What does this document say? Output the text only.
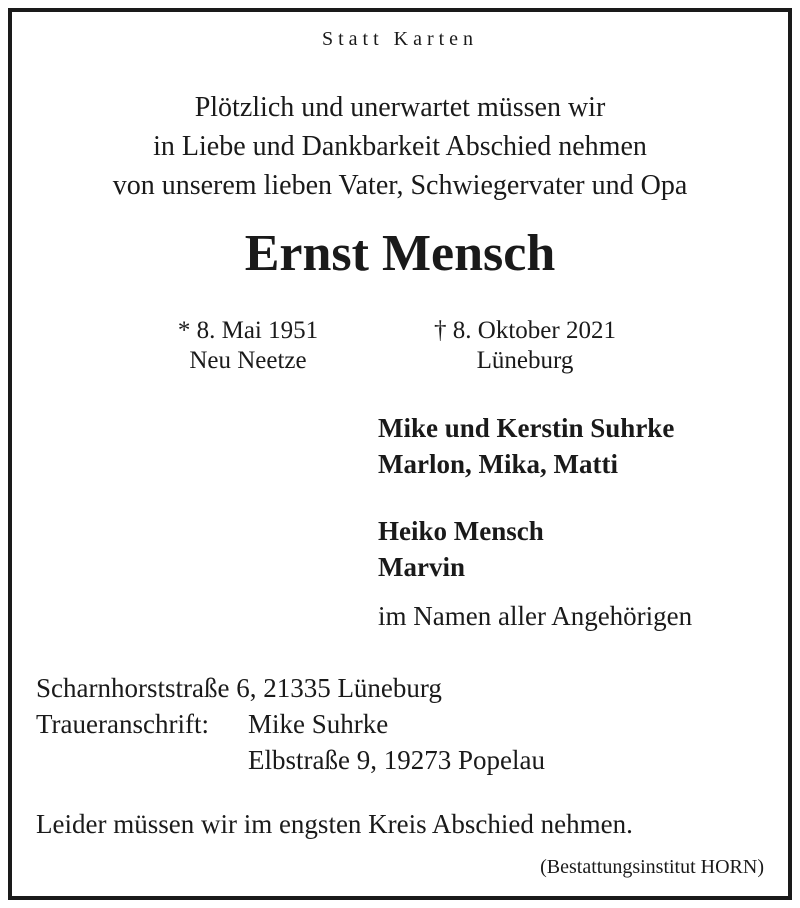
Statt Karten
Plötzlich und unerwartet müssen wir
in Liebe und Dankbarkeit Abschied nehmen
von unserem lieben Vater, Schwiegervater und Opa
Ernst Mensch
* 8. Mai 1951
Neu Neetze
† 8. Oktober 2021
Lüneburg
Mike und Kerstin Suhrke
Marlon, Mika, Matti
Heiko Mensch
Marvin
im Namen aller Angehörigen
Scharnhorststraße 6, 21335 Lüneburg
Traueranschrift: Mike Suhrke
Elbstraße 9, 19273 Popelau
Leider müssen wir im engsten Kreis Abschied nehmen.
(Bestattungsinstitut HORN)
